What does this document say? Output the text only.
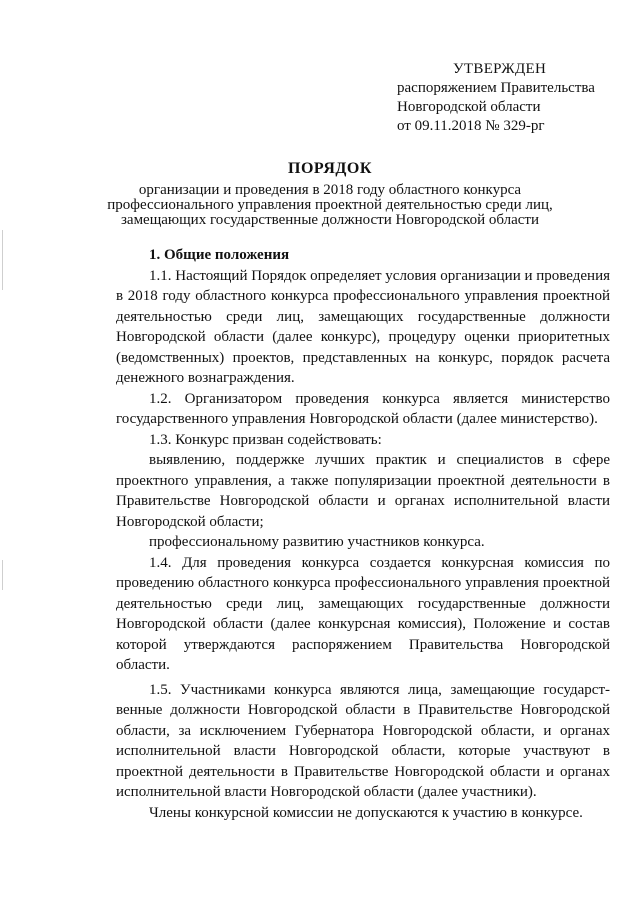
УТВЕРЖДЕН
распоряжением Правительства
Новгородской области
от 09.11.2018 № 329-рг
ПОРЯДОК
организации и проведения в 2018 году областного конкурса профессионального управления проектной деятельностью среди лиц, замещающих государственные должности Новгородской области

1. Общие положения

1.1. Настоящий Порядок определяет условия организации и проведения в 2018 году областного конкурса профессионального управления проектной деятельностью среди лиц, замещающих государственные должности Новгородской области (далее конкурс), процедуру оценки приоритетных (ведомственных) проектов, представленных на конкурс, порядок расчета денежного вознаграждения.

1.2. Организатором проведения конкурса является министерство государственного управления Новгородской области (далее министерство).

1.3. Конкурс призван содействовать:

выявлению, поддержке лучших практик и специалистов в сфере проектного управления, а также популяризации проектной деятельности в Правительстве Новгородской области и органах исполнительной власти Новгородской области;

профессиональному развитию участников конкурса.

1.4. Для проведения конкурса создается конкурсная комиссия по проведению областного конкурса профессионального управления проектной деятельностью среди лиц, замещающих государственные должности Новгородской области (далее конкурсная комиссия), Положение и состав которой утверждаются распоряжением Правительства Новгородской области.

1.5. Участниками конкурса являются лица, замещающие государст-венные должности Новгородской области в Правительстве Новгородской области, за исключением Губернатора Новгородской области, и органах исполнительной власти Новгородской области, которые участвуют в проектной деятельности в Правительстве Новгородской области и органах исполнительной власти Новгородской области (далее участники).

Члены конкурсной комиссии не допускаются к участию в конкурсе.
